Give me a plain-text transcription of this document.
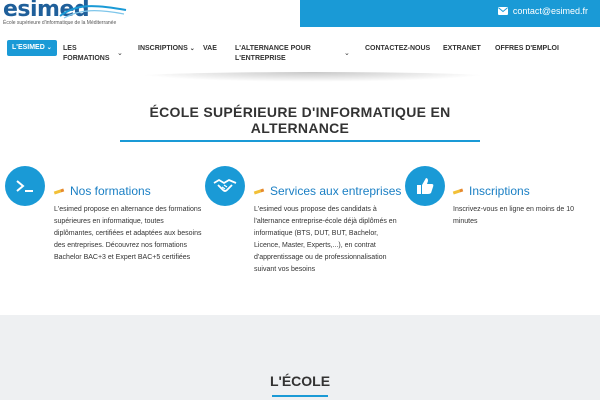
esimed
École supérieure d'informatique de la Méditerranée
contact@esimed.fr
L'ESIMED ⌄ LES FORMATIONS
⌄
INSCRIPTIONS ⌄ VAE	L'ALTERNANCE POUR L'ENTREPRISE
⌄
CONTACTEZ-NOUS EXTRANET OFFRES D'EMPLOI
ÉCOLE SUPÉRIEURE D'INFORMATIQUE EN ALTERNANCE
Nos formations

L'esimed propose en alternance des formations supérieures en informatique, toutes diplômantes, certifiées et adaptées aux besoins des entreprises. Découvrez nos formations Bachelor BAC+3 et Expert BAC+5 certifiées

Services aux entreprises

L'esimed vous propose des candidats à l'alternance entreprise-école déjà diplômés en informatique (BTS, DUT, BUT, Bachelor, Licence, Master, Experts,...), en contrat d'apprentissage ou de professionnalisation suivant vos besoins

Inscriptions

Inscrivez-vous en ligne en moins de 10 minutes

L'ÉCOLE
